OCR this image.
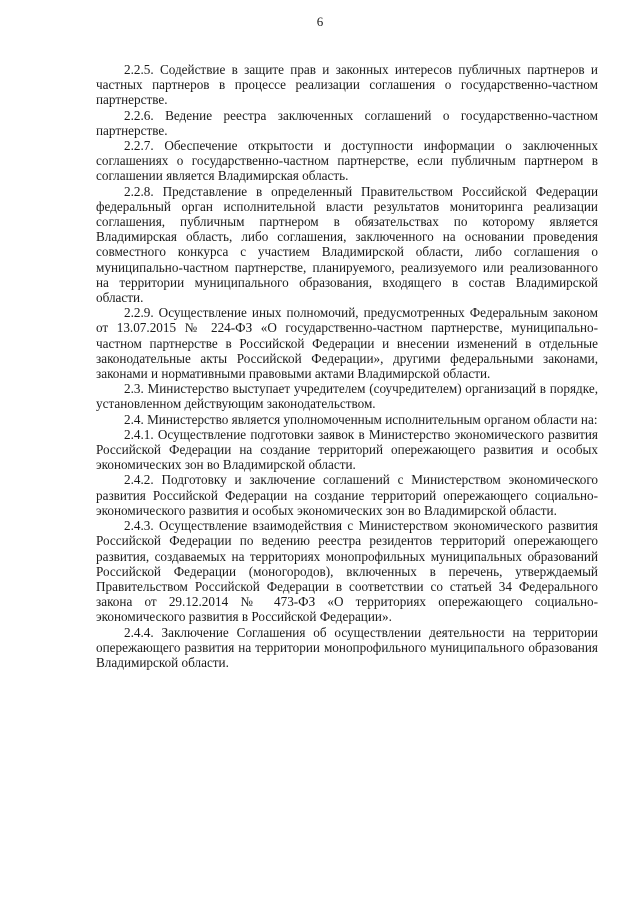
6

2.2.5. Содействие в защите прав и законных интересов публичных партнеров и частных партнеров в процессе реализации соглашения о государственно-частном партнерстве.

2.2.6. Ведение реестра заключенных соглашений о государственно-частном партнерстве.

2.2.7. Обеспечение открытости и доступности информации о заключенных соглашениях о государственно-частном партнерстве, если публичным партнером в соглашении является Владимирская область.

2.2.8. Представление в определенный Правительством Российской Федерации федеральный орган исполнительной власти результатов мониторинга реализации соглашения, публичным партнером в обязательствах по которому является Владимирская область, либо соглашения, заключенного на основании проведения совместного конкурса с участием Владимирской области, либо соглашения о муниципально-частном партнерстве, планируемого, реализуемого или реализованного на территории муниципального образования, входящего в состав Владимирской области.

2.2.9. Осуществление иных полномочий, предусмотренных Федеральным законом от 13.07.2015 № 224-ФЗ «О государственно-частном партнерстве, муниципально-частном партнерстве в Российской Федерации и внесении изменений в отдельные законодательные акты Российской Федерации», другими федеральными законами, законами и нормативными правовыми актами Владимирской области.

2.3. Министерство выступает учредителем (соучредителем) организаций в порядке, установленном действующим законодательством.

2.4. Министерство является уполномоченным исполнительным органом области на:

2.4.1. Осуществление подготовки заявок в Министерство экономического развития Российской Федерации на создание территорий опережающего развития и особых экономических зон во Владимирской области.

2.4.2. Подготовку и заключение соглашений с Министерством экономического развития Российской Федерации на создание территорий опережающего социально-экономического развития и особых экономических зон во Владимирской области.

2.4.3. Осуществление взаимодействия с Министерством экономического развития Российской Федерации по ведению реестра резидентов территорий опережающего развития, создаваемых на территориях монопрофильных муниципальных образований Российской Федерации (моногородов), включенных в перечень, утверждаемый Правительством Российской Федерации в соответствии со статьей 34 Федерального закона от 29.12.2014 № 473-ФЗ «О территориях опережающего социально-экономического развития в Российской Федерации».

2.4.4. Заключение Соглашения об осуществлении деятельности на территории опережающего развития на территории монопрофильного муниципального образования Владимирской области.
